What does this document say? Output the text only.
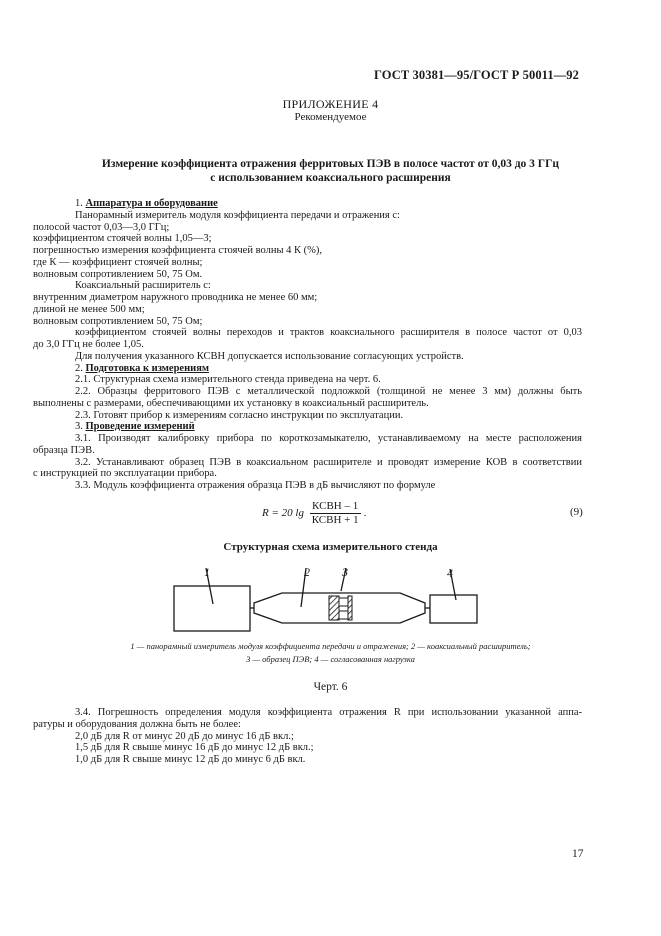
ГОСТ 30381—95/ГОСТ Р 50011—92
ПРИЛОЖЕНИЕ 4
Рекомендуемое
Измерение коэффициента отражения ферритовых ПЭВ в полосе частот от 0,03 до 3 ГГц
с использованием коаксиального расширения
1. Аппаратура и оборудование
Панорамный измеритель модуля коэффициента передачи и отражения с:
полосой частот 0,03—3,0 ГГц;
коэффициентом стоячей волны 1,05—3;
погрешностью измерения коэффициента стоячей волны 4 К (%),
где К — коэффициент стоячей волны;
волновым сопротивлением 50, 75 Ом.
Коаксиальный расширитель с:
внутренним диаметром наружного проводника не менее 60 мм;
длиной не менее 500 мм;
волновым сопротивлением 50, 75 Ом;
коэффициентом стоячей волны переходов и трактов коаксиального расширителя в полосе частот от 0,03
до 3,0 ГГц не более 1,05.
Для получения указанного КСВН допускается использование согласующих устройств.
2. Подготовка к измерениям
2.1. Структурная схема измерительного стенда приведена на черт. 6.
2.2. Образцы ферритового ПЭВ с металлической подложкой (толщиной не менее 3 мм) должны быть
выполнены с размерами, обеспечивающими их установку в коаксиальный расширитель.
2.3. Готовят прибор к измерениям согласно инструкции по эксплуатации.
3. Проведение измерений
3.1. Производят калибровку прибора по короткозамыкателю, устанавливаемому на месте расположения
образца ПЭВ.
3.2. Устанавливают образец ПЭВ в коаксиальном расширителе и проводят измерение КОВ в соответствии
с инструкцией по эксплуатации прибора.
3.3. Модуль коэффициента отражения образца ПЭВ в дБ вычисляют по формуле
R = 20 $\lg \frac{\text{КСВН – 1}}{\text{КСВН + 1}}$ .	(9)
Структурная схема измерительного стенда
1	2	3	4
1 — панорамный измеритель модуля коэффициента передачи и отражения; 2 — коаксиальный расширитель;
3 — образец ПЭВ; 4 — согласованная нагрузка
Черт. 6
3.4. Погрешность определения модуля коэффициента отражения R при использовании указанной аппа-
ратуры и оборудования должна быть не более:
2,0 дБ для R от минус 20 дБ до минус 16 дБ вкл.;
1,5 дБ для R свыше минус 16 дБ до минус 12 дБ вкл.;
1,0 дБ для R свыше минус 12 дБ до минус 6 дБ вкл.
17
